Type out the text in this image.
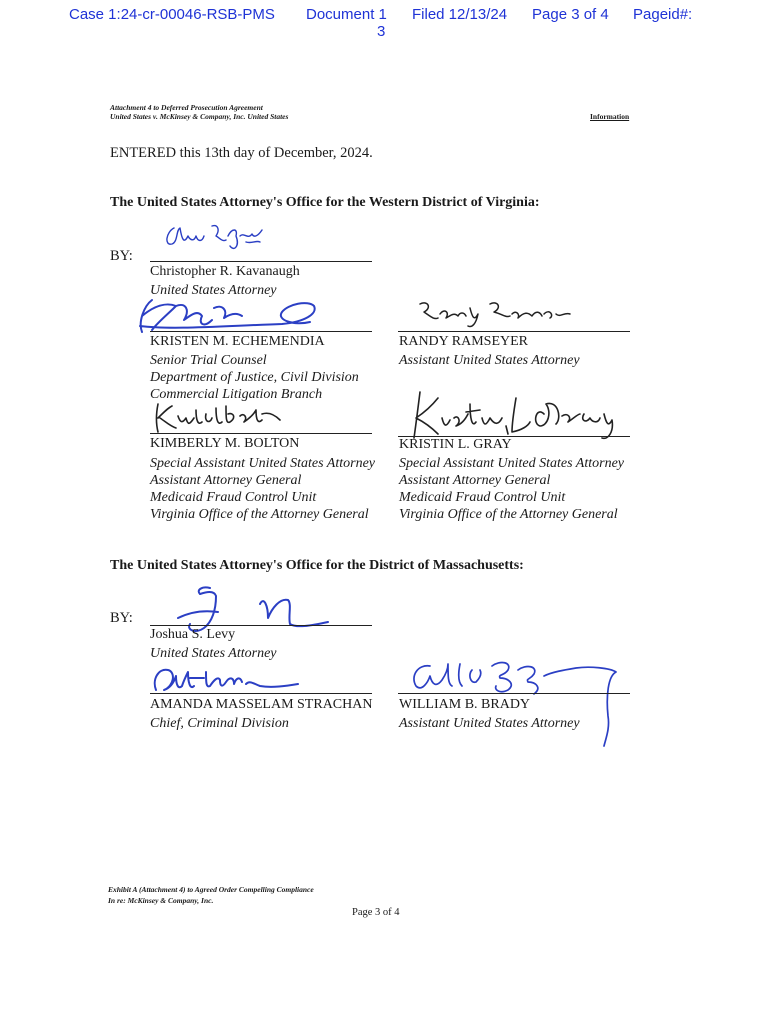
Case 1:24-cr-00046-RSB-PMS Document 1 Filed 12/13/24 Page 3 of 4 Pageid#:
3
Attachment 4 to Deferred Prosecution Agreement
United States v. McKinsey & Company, Inc. United States	Information
ENTERED this 13th day of December, 2024.
The United States Attorney's Office for the Western District of Virginia:
BY:
Christopher R. Kavanaugh
United States Attorney
KRISTEN M. ECHEMENDIA
Senior Trial Counsel
Department of Justice, Civil Division
Commercial Litigation Branch
RANDY RAMSEYER
Assistant United States Attorney
KIMBERLY M. BOLTON
Special Assistant United States Attorney
Assistant Attorney General
Medicaid Fraud Control Unit
Virginia Office of the Attorney General
KRISTIN L. GRAY
Special Assistant United States Attorney
Assistant Attorney General
Medicaid Fraud Control Unit
Virginia Office of the Attorney General
The United States Attorney's Office for the District of Massachusetts:
BY:
Joshua S. Levy
United States Attorney
AMANDA MASSELAM STRACHAN
Chief, Criminal Division
WILLIAM B. BRADY
Assistant United States Attorney
Exhibit A (Attachment 4) to Agreed Order Compelling Compliance
In re: McKinsey & Company, Inc.
Page 3 of 4
